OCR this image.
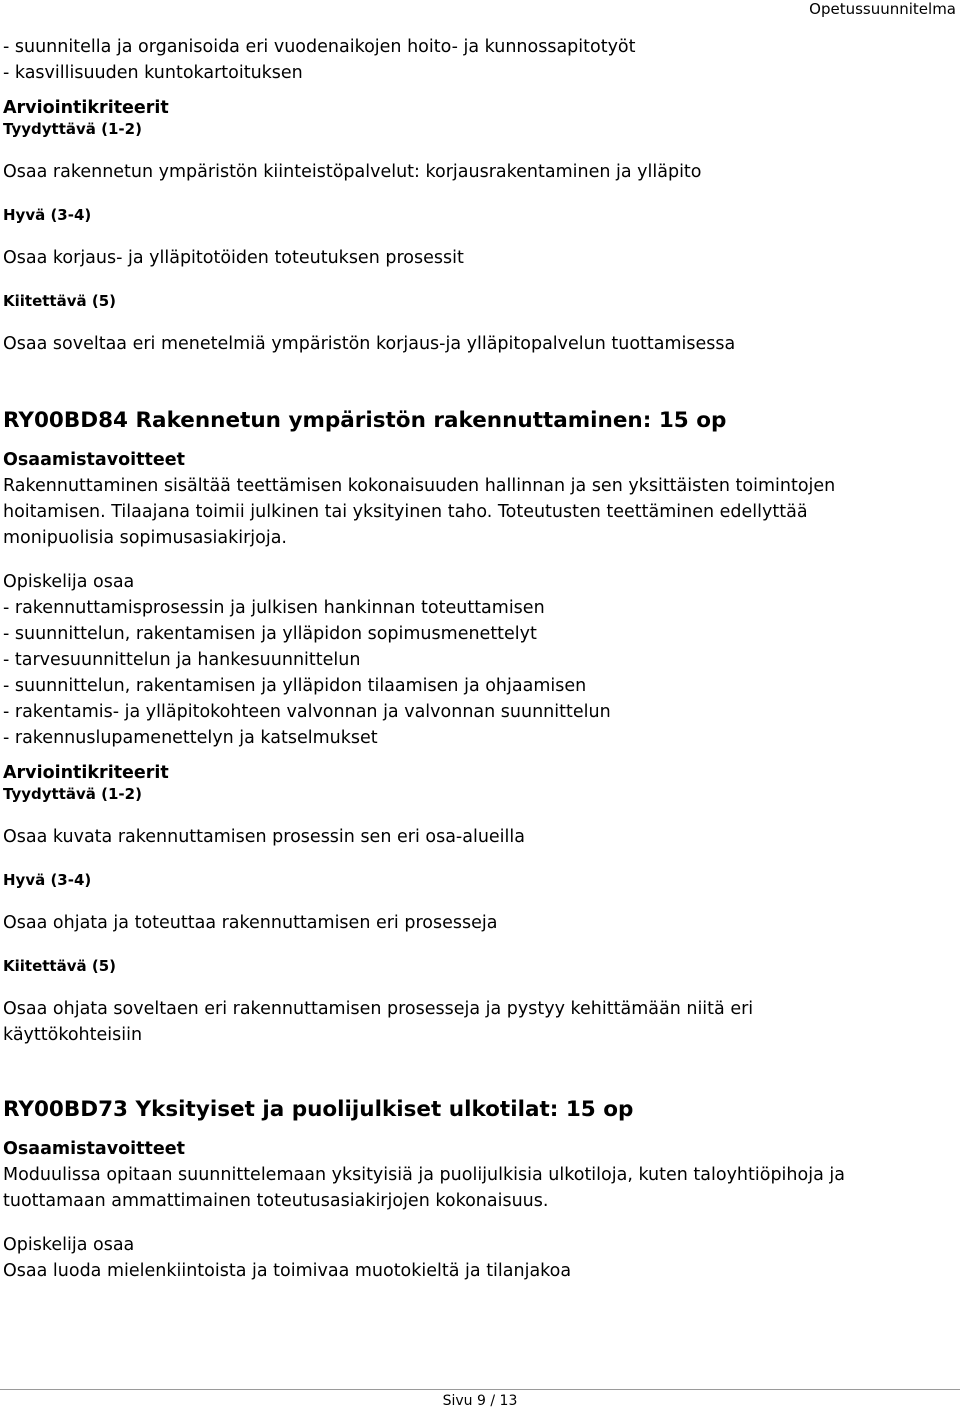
Opetussuunnitelma

- suunnitella ja organisoida eri vuodenaikojen hoito- ja kunnossapitotyöt

- kasvillisuuden kuntokartoituksen

Arviointikriteerit

Tyydyttävä (1-2)

Osaa rakennetun ympäristön kiinteistöpalvelut: korjausrakentaminen ja ylläpito

Hyvä (3-4)

Osaa korjaus- ja ylläpitotöiden toteutuksen prosessit

Kiitettävä (5)

Osaa soveltaa eri menetelmiä ympäristön korjaus-ja ylläpitopalvelun tuottamisessa

RY00BD84 Rakennetun ympäristön rakennuttaminen: 15 op

Osaamistavoitteet

Rakennuttaminen sisältää teettämisen kokonaisuuden hallinnan ja sen yksittäisten toimintojen

hoitamisen. Tilaajana toimii julkinen tai yksityinen taho. Toteutusten teettäminen edellyttää

monipuolisia sopimusasiakirjoja.

Opiskelija osaa

- rakennuttamisprosessin ja julkisen hankinnan toteuttamisen

- suunnittelun, rakentamisen ja ylläpidon sopimusmenettelyt

- tarvesuunnittelun ja hankesuunnittelun

- suunnittelun, rakentamisen ja ylläpidon tilaamisen ja ohjaamisen

- rakentamis- ja ylläpitokohteen valvonnan ja valvonnan suunnittelun

- rakennuslupamenettelyn ja katselmukset

Arviointikriteerit

Tyydyttävä (1-2)

Osaa kuvata rakennuttamisen prosessin sen eri osa-alueilla

Hyvä (3-4)

Osaa ohjata ja toteuttaa rakennuttamisen eri prosesseja

Kiitettävä (5)

Osaa ohjata soveltaen eri rakennuttamisen prosesseja ja pystyy kehittämään niitä eri

käyttökohteisiin

RY00BD73 Yksityiset ja puolijulkiset ulkotilat: 15 op

Osaamistavoitteet

Moduulissa opitaan suunnittelemaan yksityisiä ja puolijulkisia ulkotiloja, kuten taloyhtiöpihoja ja

tuottamaan ammattimainen toteutusasiakirjojen kokonaisuus.

Opiskelija osaa

Osaa luoda mielenkiintoista ja toimivaa muotokieltä ja tilanjakoa

Sivu 9 / 13
